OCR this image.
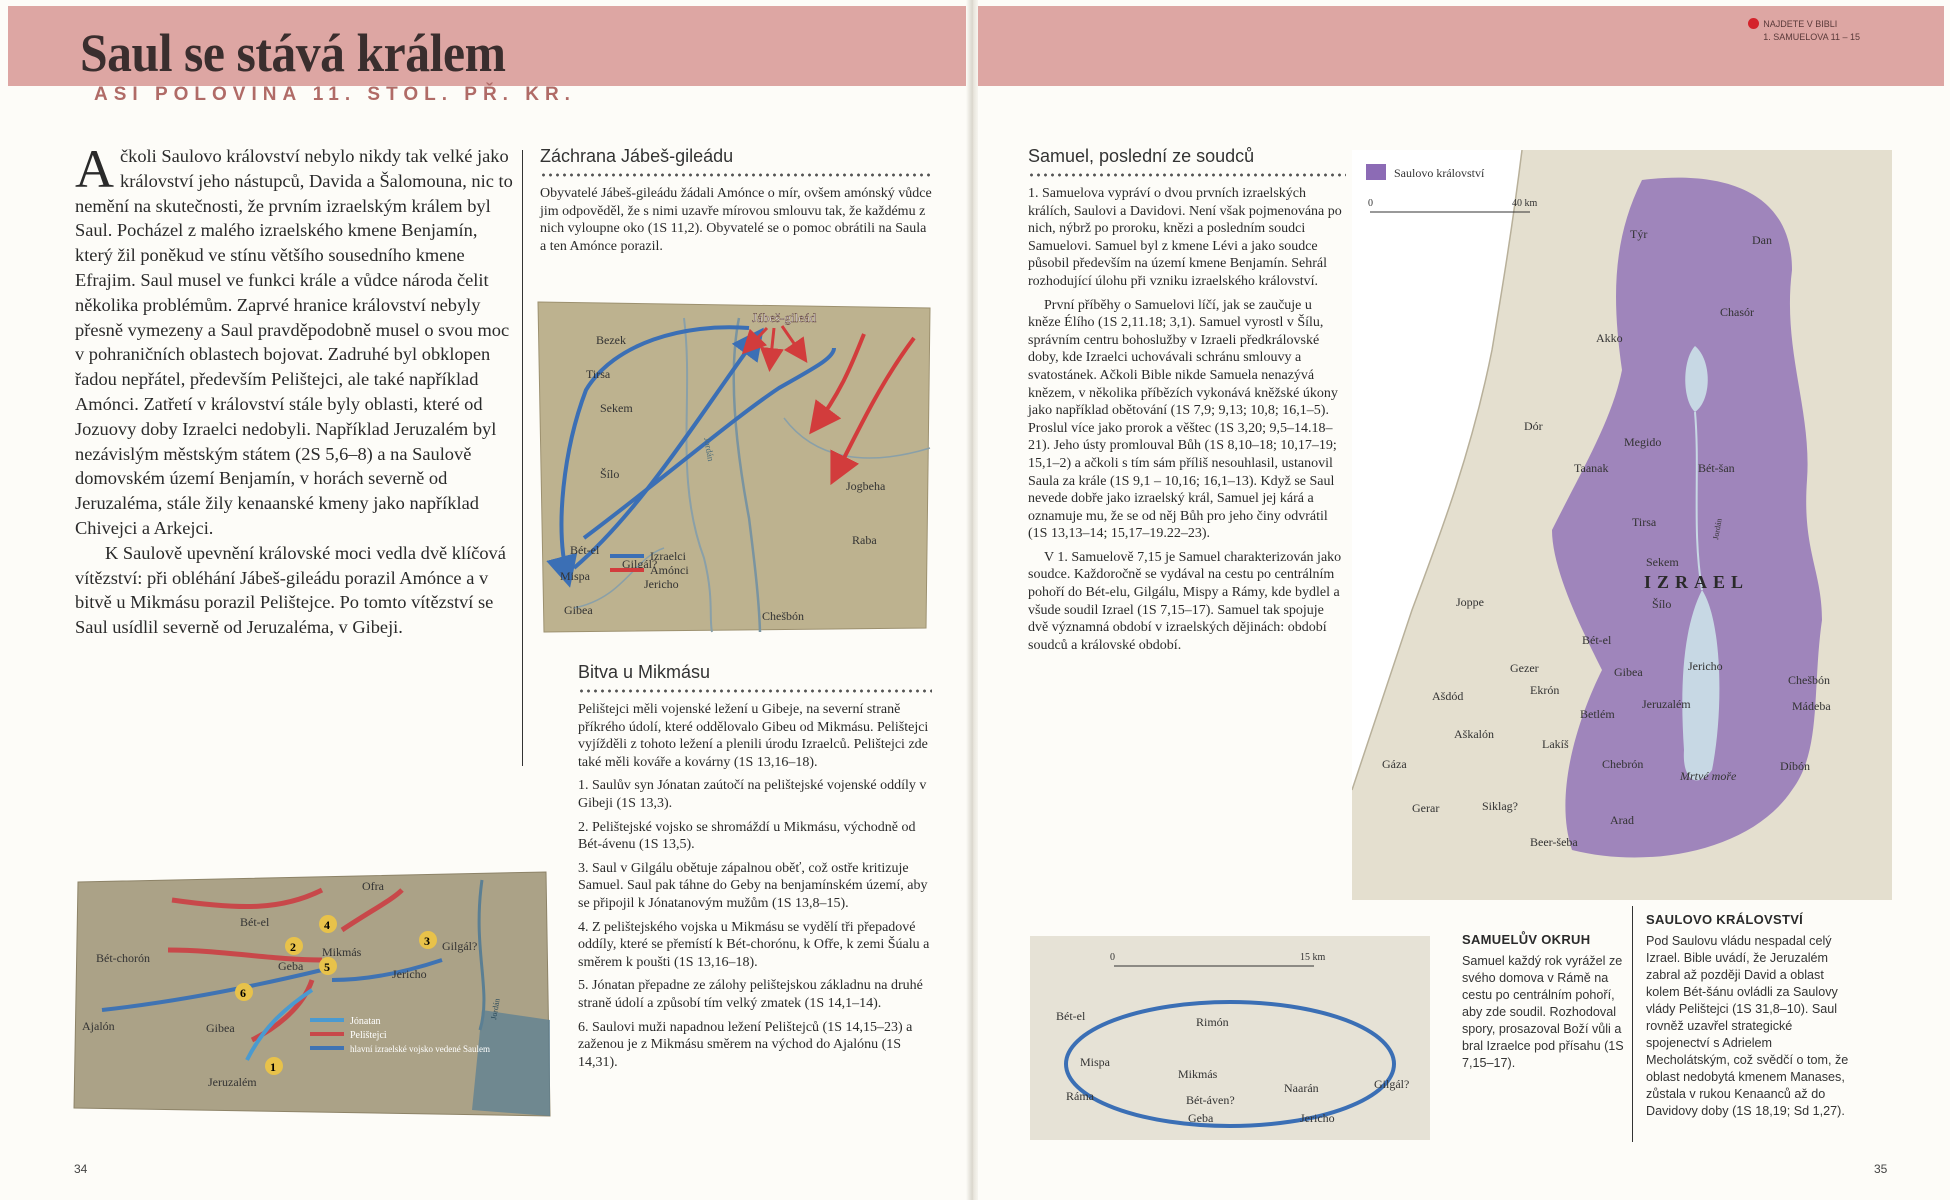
Saul se stává králem
ASI POLOVINA 11. STOL. PŘ. KR.

Ačkoli Saulovo království nebylo nikdy tak velké jako království jeho nástupců, Davida a Šalomouna, nic to nemění na skutečnosti, že prvním izraelským králem byl Saul. Pocházel z malého izraelského kmene Benjamín, který žil poněkud ve stínu většího sousedního kmene Efrajim. Saul musel ve funkci krále a vůdce národa čelit několika problémům. Zaprvé hranice království nebyly přesně vymezeny a Saul pravděpodobně musel o svou moc v pohraničních oblastech bojovat. Zadruhé byl obklopen řadou nepřátel, především Pelištejci, ale také například Amónci. Zatřetí v království stále byly oblasti, které od Jozuovy doby Izraelci nedobyli. Například Jeruzalém byl nezávislým městským státem (2S 5,6–8) a na Saulově domovském území Benjamín, v horách severně od Jeruzaléma, stále žily kenaanské kmeny jako například Chivejci a Arkejci.

K Saulově upevnění královské moci vedla dvě klíčová vítězství: při obléhání Jábeš-gileádu porazil Amónce a v bitvě u Mikmásu porazil Pelištejce. Po tomto vítězství se Saul usídlil severně od Jeruzaléma, v Gibeji.

Záchrana Jábeš-gileádu
Obyvatelé Jábeš-gileádu žádali Amónce o mír, ovšem amónský vůdce jim odpověděl, že s nimi uzavře mírovou smlouvu tak, že každému z nich vyloupne oko (1S 11,2). Obyvatelé se o pomoc obrátili na Saula a ten Amónce porazil.
Jábeš-gileád
Bezek
Tirsa
Sekem
Šílo
Jogbeha
Raba
Bét-el
Mispa
Gibea
Gilgál?
Jericho
Chešbón
Jordán
Izraelci
Amónci
Bitva u Mikmásu

Pelištejci měli vojenské ležení u Gibeje, na severní straně příkrého údolí, které oddělovalo Gibeu od Mikmásu. Pelištejci vyjížděli z tohoto ležení a plenili úrodu Izraelců. Pelištejci zde také měli kováře a kovárny (1S 13,16–18).

1. Saulův syn Jónatan zaútočí na pelištejské vojenské oddíly v Gibeji (1S 13,3).

2. Pelištejské vojsko se shromáždí u Mikmásu, východně od Bét-ávenu (1S 13,5).

3. Saul v Gilgálu obětuje zápalnou oběť, což ostře kritizuje Samuel. Saul pak táhne do Geby na benjamínském území, aby se připojil k Jónatanovým mužům (1S 13,8–15).

4. Z pelištejského vojska u Mikmásu se vydělí tři přepadové oddíly, které se přemístí k Bét-chorónu, k Ofře, k zemi Šúalu a směrem k poušti (1S 13,16–18).

5. Jónatan přepadne ze zálohy pelištejskou základnu na druhé straně údolí a způsobí tím velký zmatek (1S 14,1–14).

6. Saulovi muži napadnou ležení Pelištejců (1S 14,15–23) a zaženou je z Mikmásu směrem na východ do Ajalónu (1S 14,31).

1
2	3
4
5
6
Ofra
Bét-el
Bét-chorón	Mikmás
Geba
Gilgál?
Jericho
Ajalón	Gibea
Jeruzalém
Jordán
Jónatan
Pelištejci
hlavní izraelské vojsko vedené Saulem
34
NAJDETE V BIBLI
1. SAMUELOVA 11 – 15
Samuel, poslední ze soudců

1. Samuelova vypráví o dvou prvních izraelských králích, Saulovi a Davidovi. Není však pojmenována po nich, nýbrž po proroku, knězi a posledním soudci Samuelovi. Samuel byl z kmene Lévi a jako soudce působil především na území kmene Benjamín. Sehrál rozhodující úlohu při vzniku izraelského království.

První příběhy o Samuelovi líčí, jak se zaučuje u kněze Élího (1S 2,11.18; 3,1). Samuel vyrostl v Šílu, správním centru bohoslužby v Izraeli předkrálovské doby, kde Izraelci uchovávali schránu smlouvy a svatostánek. Ačkoli Bible nikde Samuela nenazývá knězem, v několika příbězích vykonává kněžské úkony jako například obětování (1S 7,9; 9,13; 10,8; 16,1–5). Proslul více jako prorok a věštec (1S 3,20; 9,5–14.18–21). Jeho ústy promlouval Bůh (1S 8,10–18; 10,17–19; 15,1–2) a ačkoli s tím sám příliš nesouhlasil, ustanovil Saula za krále (1S 9,1 – 10,16; 16,1–13). Když se Saul nevede dobře jako izraelský král, Samuel jej kárá a oznamuje mu, že se od něj Bůh pro jeho činy odvrátil (1S 13,13–14; 15,17–19.22–23).

V 1. Samuelově 7,15 je Samuel charakterizován jako soudce. Každoročně se vydával na cestu po centrálním pohoří do Bét-elu, Gilgálu, Mispy a Rámy, kde bydlel a všude soudil Izrael (1S 7,15–17). Samuel tak spojuje dvě významná období v izraelských dějinách: období soudců a královské období.

Saulovo království
0	40 km
Týr	Dan
Chasór
Akko
Dór
Megido
Taanak	Bét-šan
Tirsa	Jordán
Sekem
Šílo
Joppe
Bét-el
Jericho
Gibea
Gezer
Ekrón
Jeruzalém
Chešbón
Mádeba
Ašdód
Betlém
Aškalón
Lakíš
Gáza	Chebrón
Mrtvé moře
Díbón
Gerar	Siklag?
Arad
Beer-šeba
IZRAEL
0	15 km
Bét-el	Rimón
Mispa
Ráma
Mikmás
Bét-áven?
Geba
Naarán	Gilgál?
Jericho
SAMUELŮV OKRUH
Samuel každý rok vyrážel ze svého domova v Rámě na cestu po centrálním pohoří, aby zde soudil. Rozhodoval spory, prosazoval Boží vůli a bral Izraelce pod přísahu (1S 7,15–17).
SAULOVO KRÁLOVSTVÍ
Pod Saulovu vládu nespadal celý Izrael. Bible uvádí, že Jeruzalém zabral až později David a oblast kolem Bét-šánu ovládli za Saulovy vlády Pelištejci (1S 31,8–10). Saul rovněž uzavřel strategické spojenectví s Adrielem Mecholátským, což svědčí o tom, že oblast nedobytá kmenem Manases, zůstala v rukou Kenaanců až do Davidovy doby (1S 18,19; Sd 1,27).
35
